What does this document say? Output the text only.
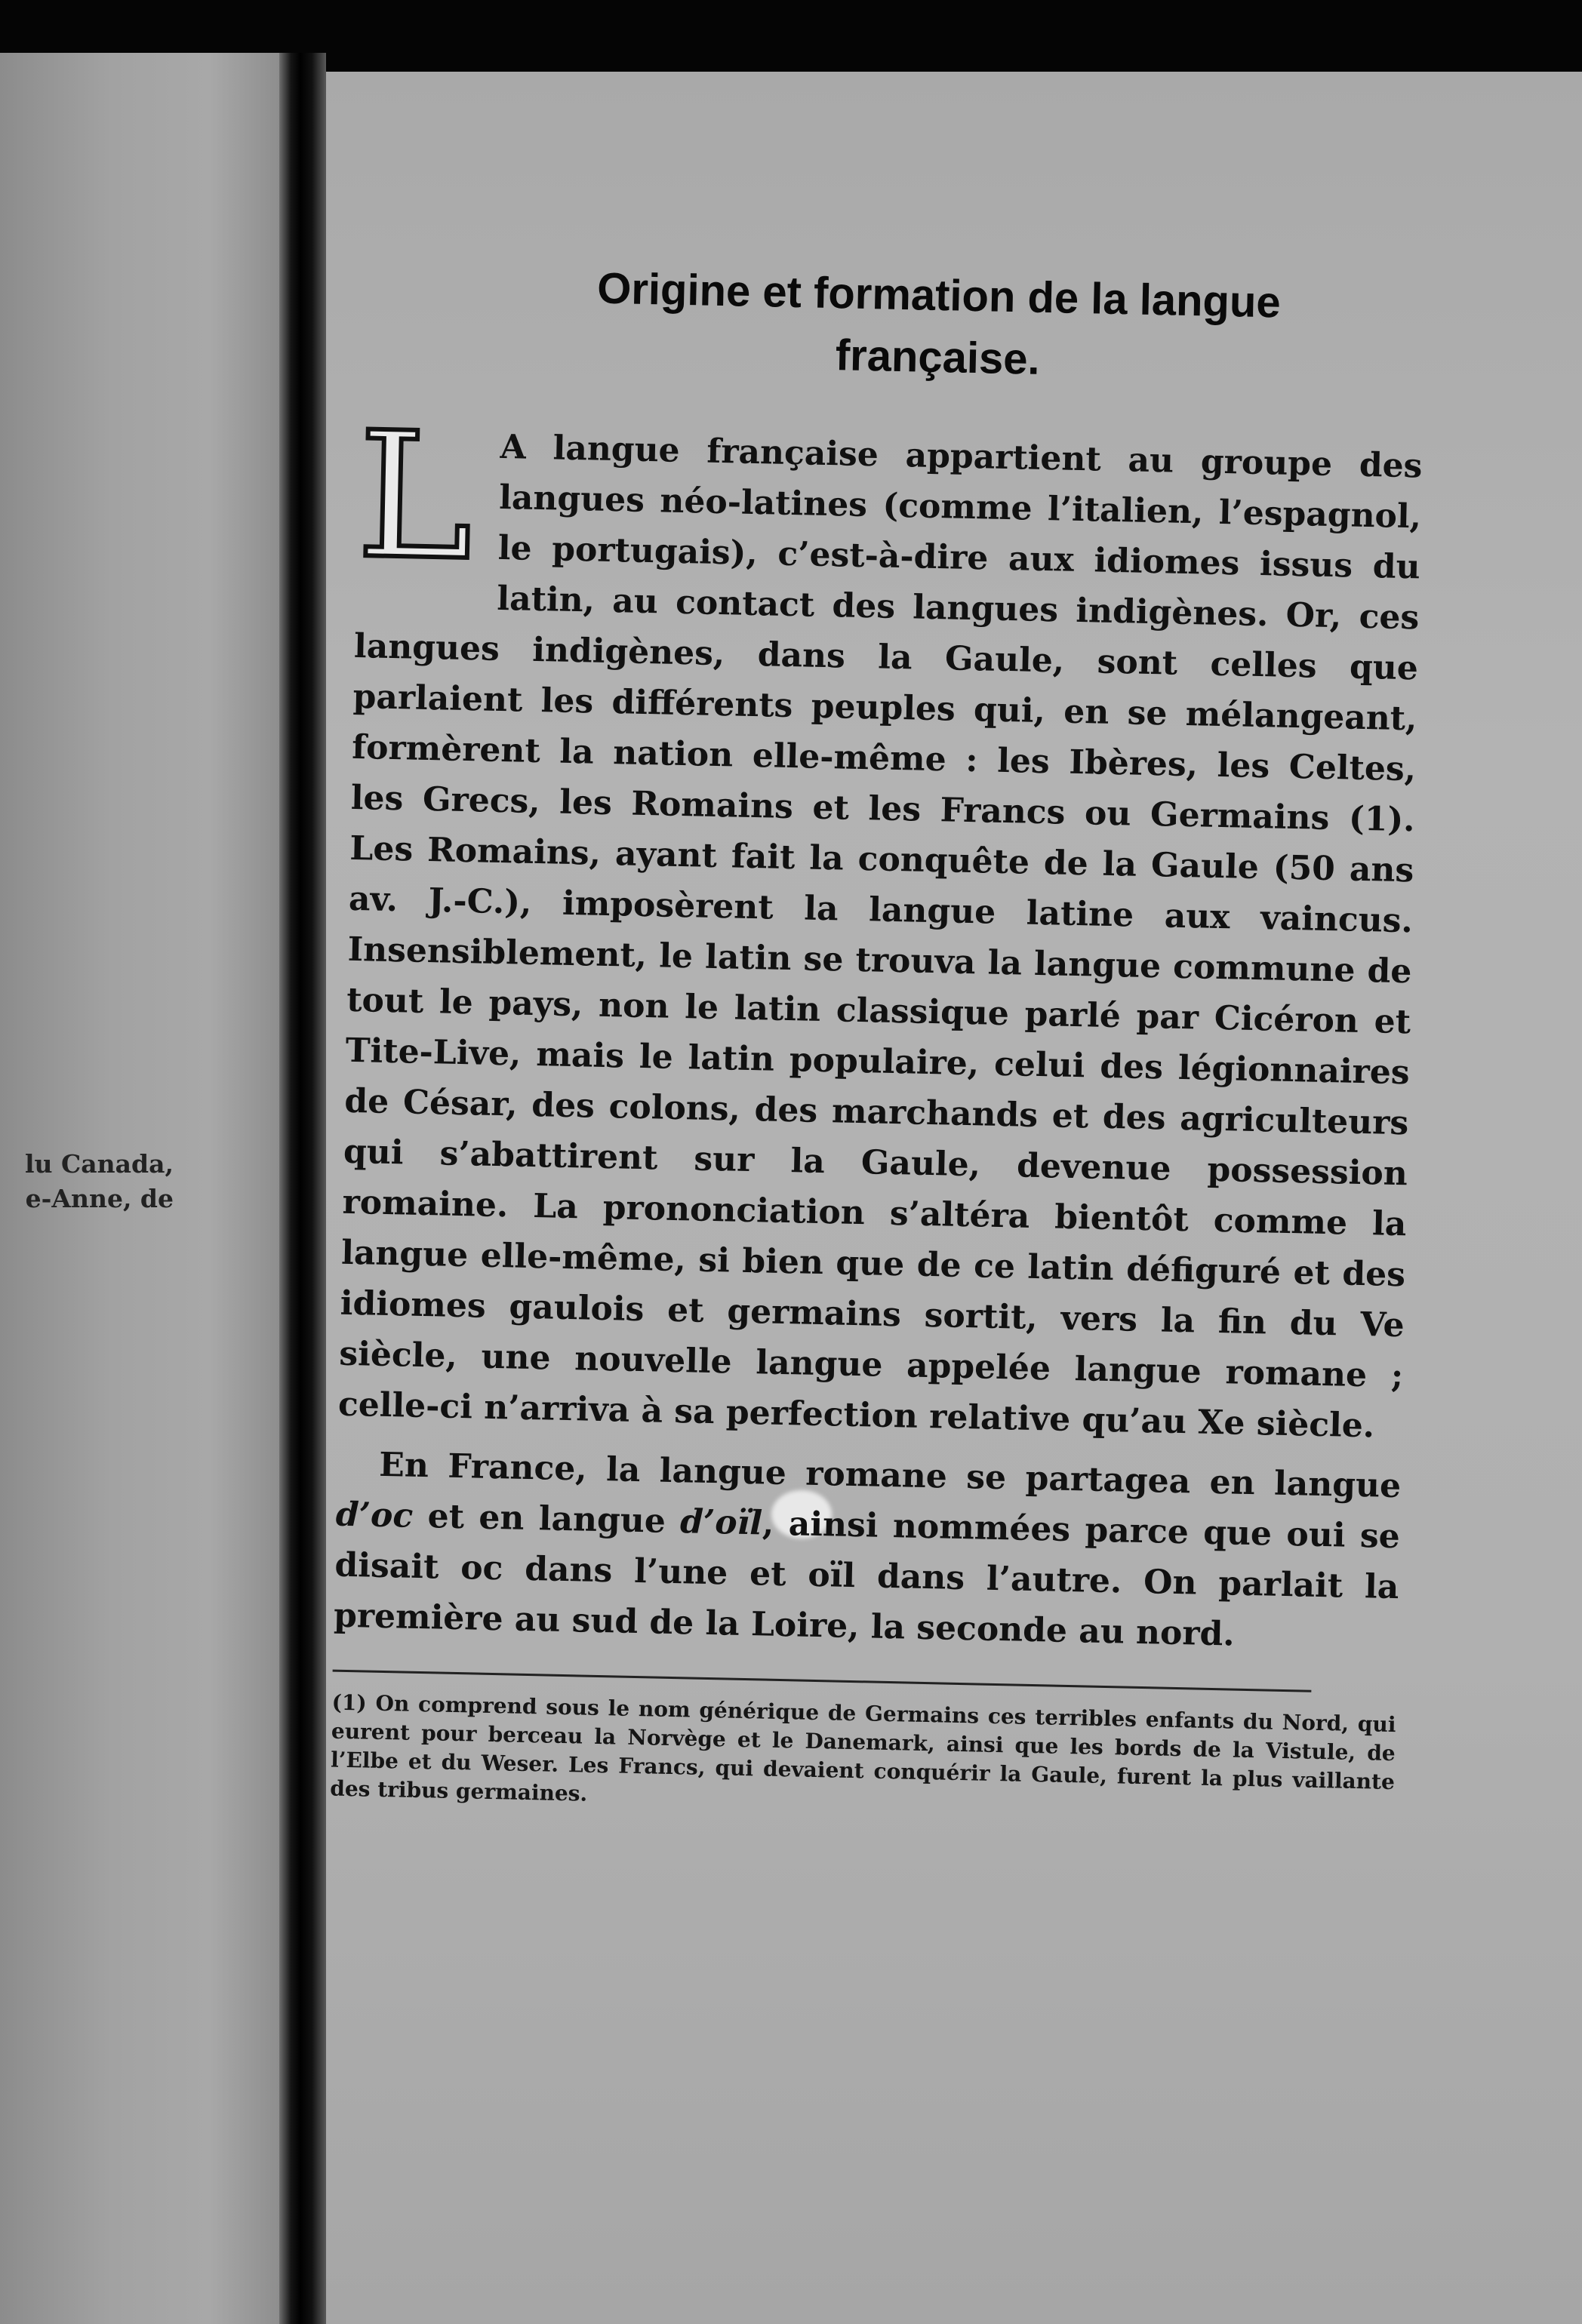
lu Canada,
e-Anne, de

Origine et formation de la langue
française.

L A langue française appartient au groupe des langues néo-latines (comme l’italien, l’espagnol, le portugais), c’est-à-dire aux idiomes issus du latin, au contact des langues indigènes. Or, ces langues indigènes, dans la Gaule, sont celles que parlaient les différents peuples qui, en se mélangeant, formèrent la nation elle-même : les Ibères, les Celtes, les Grecs, les Romains et les Francs ou Germains (1). Les Romains, ayant fait la conquête de la Gaule (50 ans av. J.-C.), imposèrent la langue latine aux vaincus. Insensiblement, le latin se trouva la langue commune de tout le pays, non le latin classique parlé par Cicéron et Tite-Live, mais le latin populaire, celui des légionnaires de César, des colons, des marchands et des agriculteurs qui s’abattirent sur la Gaule, devenue possession romaine. La prononciation s’altéra bientôt comme la langue elle-même, si bien que de ce latin défiguré et des idiomes gaulois et germains sortit, vers la fin du Ve siècle, une nouvelle langue appelée langue romane ; celle-ci n’arriva à sa perfection relative qu’au Xe siècle.

En France, la langue romane se partagea en langue d’oc et en langue d’oïl, ainsi nommées parce que oui se disait oc dans l’une et oïl dans l’autre. On parlait la première au sud de la Loire, la seconde au nord.

(1) On comprend sous le nom générique de Germains ces terribles enfants du Nord, qui eurent pour berceau la Norvège et le Danemark, ainsi que les bords de la Vistule, de l’Elbe et du Weser. Les Francs, qui devaient conquérir la Gaule, furent la plus vaillante des tribus germaines.
